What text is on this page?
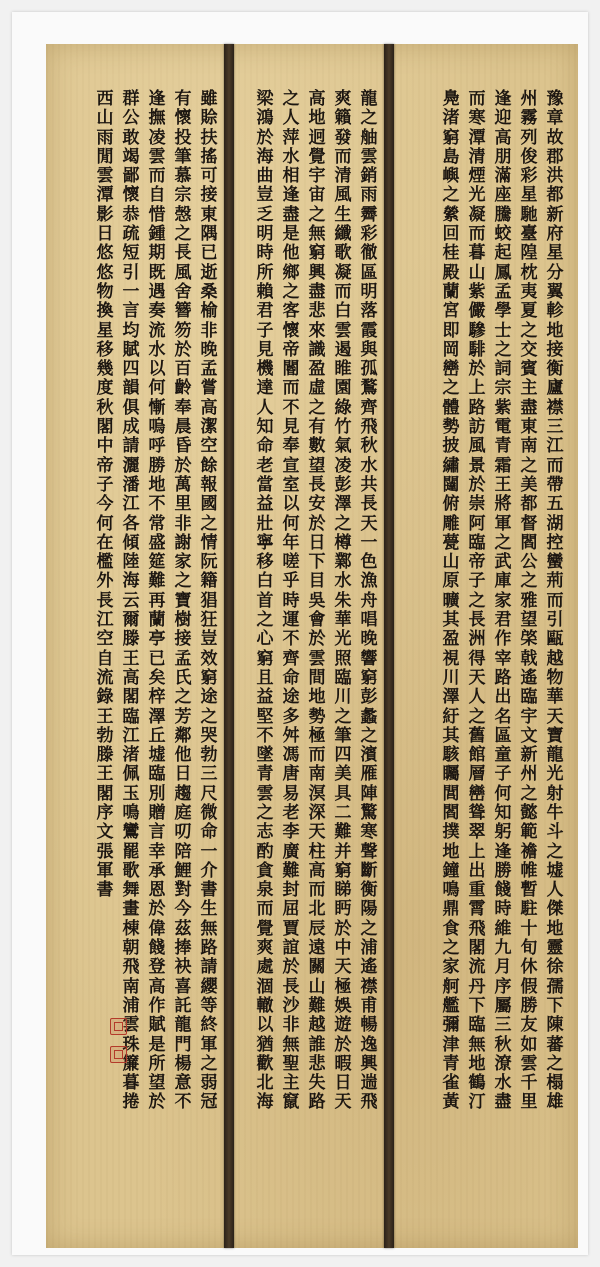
豫章故郡洪都新府星分翼軫地接衡廬襟三江而帶五湖控蠻荊而引甌越物華天寶龍光射牛斗之墟人傑地靈徐孺下陳蕃之榻雄
州霧列俊彩星馳臺隍枕夷夏之交賓主盡東南之美都督閻公之雅望棨戟遙臨宇文新州之懿範襜帷暫駐十旬休假勝友如雲千里
逢迎高朋滿座騰蛟起鳳孟學士之詞宗紫電青霜王將軍之武庫家君作宰路出名區童子何知躬逢勝餞時維九月序屬三秋潦水盡
而寒潭清煙光凝而暮山紫儼驂騑於上路訪風景於崇阿臨帝子之長洲得天人之舊館層巒聳翠上出重霄飛閣流丹下臨無地鶴汀
鳧渚窮島嶼之縈回桂殿蘭宮即岡巒之體勢披繡闥俯雕甍山原曠其盈視川澤紆其駭矚閭閻撲地鐘鳴鼎食之家舸艦彌津青雀黃
龍之舳雲銷雨霽彩徹區明落霞與孤鶩齊飛秋水共長天一色漁舟唱晚響窮彭蠡之濱雁陣驚寒聲斷衡陽之浦遙襟甫暢逸興遄飛
爽籟發而清風生纖歌凝而白雲遏睢園綠竹氣凌彭澤之樽鄴水朱華光照臨川之筆四美具二難并窮睇眄於中天極娛遊於暇日天
高地迥覺宇宙之無窮興盡悲來識盈虛之有數望長安於日下目吳會於雲間地勢極而南溟深天柱高而北辰遠關山難越誰悲失路
之人萍水相逢盡是他鄉之客懷帝閽而不見奉宣室以何年嗟乎時運不齊命途多舛馮唐易老李廣難封屈賈誼於長沙非無聖主竄
梁鴻於海曲豈乏明時所賴君子見機達人知命老當益壯寧移白首之心窮且益堅不墜青雲之志酌貪泉而覺爽處涸轍以猶歡北海
雖賒扶搖可接東隅已逝桑榆非晚孟嘗高潔空餘報國之情阮籍猖狂豈效窮途之哭勃三尺微命一介書生無路請纓等終軍之弱冠
有懷投筆慕宗愨之長風舍簪笏於百齡奉晨昏於萬里非謝家之寶樹接孟氏之芳鄰他日趨庭叨陪鯉對今茲捧袂喜託龍門楊意不
逢撫凌雲而自惜鍾期既遇奏流水以何慚嗚呼勝地不常盛筵難再蘭亭已矣梓澤丘墟臨別贈言幸承恩於偉餞登高作賦是所望於
群公敢竭鄙懷恭疏短引一言均賦四韻俱成請灑潘江各傾陸海云爾滕王高閣臨江渚佩玉鳴鸞罷歌舞畫棟朝飛南浦雲珠簾暮捲
西山雨閒雲潭影日悠悠物換星移幾度秋閣中帝子今何在檻外長江空自流 錄王勃滕王閣序文張軍書
